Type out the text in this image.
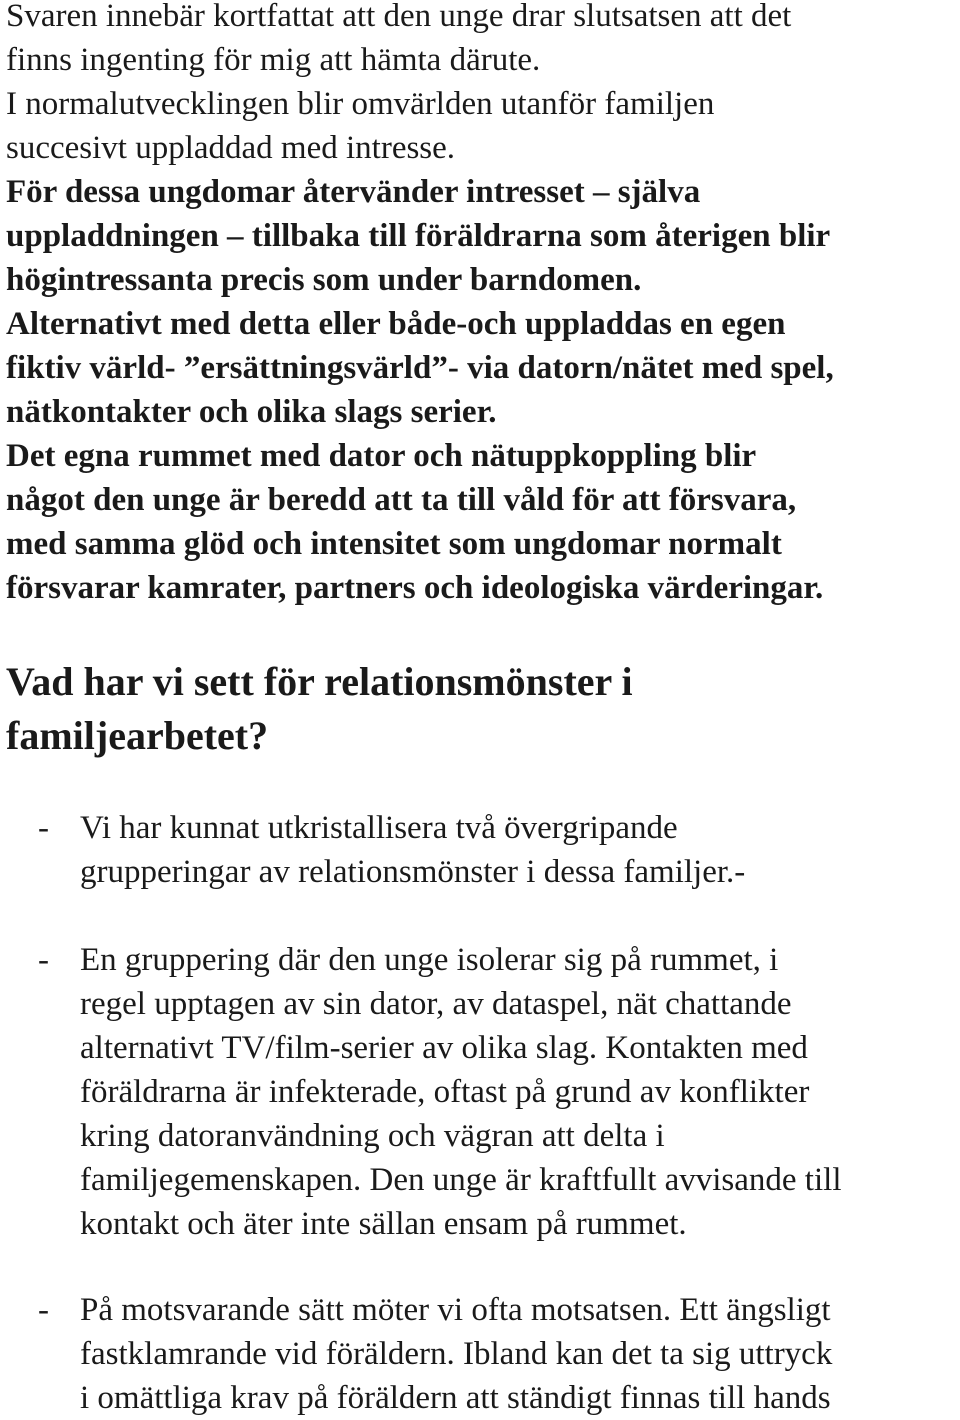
Svaren innebär kortfattat att den unge drar slutsatsen att det
finns ingenting för mig att hämta därute.
I normalutvecklingen blir omvärlden utanför familjen
succesivt uppladdad med intresse.
För dessa ungdomar återvänder intresset – själva
uppladdningen – tillbaka till föräldrarna som återigen blir
högintressanta precis som under barndomen.
Alternativt med detta eller både-och uppladdas en egen
fiktiv värld- ”ersättningsvärld”- via datorn/nätet med spel,
nätkontakter och olika slags serier.
Det egna rummet med dator och nätuppkoppling blir
något den unge är beredd att ta till våld för att försvara,
med samma glöd och intensitet som ungdomar normalt
försvarar kamrater, partners och ideologiska värderingar.
Vad har vi sett för relationsmönster i
familjearbetet?
- Vi har kunnat utkristallisera två övergripande
grupperingar av relationsmönster i dessa familjer.-
- En gruppering där den unge isolerar sig på rummet, i
regel upptagen av sin dator, av dataspel, nät chattande
alternativt TV/film-serier av olika slag. Kontakten med
föräldrarna är infekterade, oftast på grund av konflikter
kring datoranvändning och vägran att delta i
familjegemenskapen. Den unge är kraftfullt avvisande till
kontakt och äter inte sällan ensam på rummet.
- På motsvarande sätt möter vi ofta motsatsen. Ett ängsligt
fastklamrande vid föräldern. Ibland kan det ta sig uttryck
i omättliga krav på föräldern att ständigt finnas till hands
